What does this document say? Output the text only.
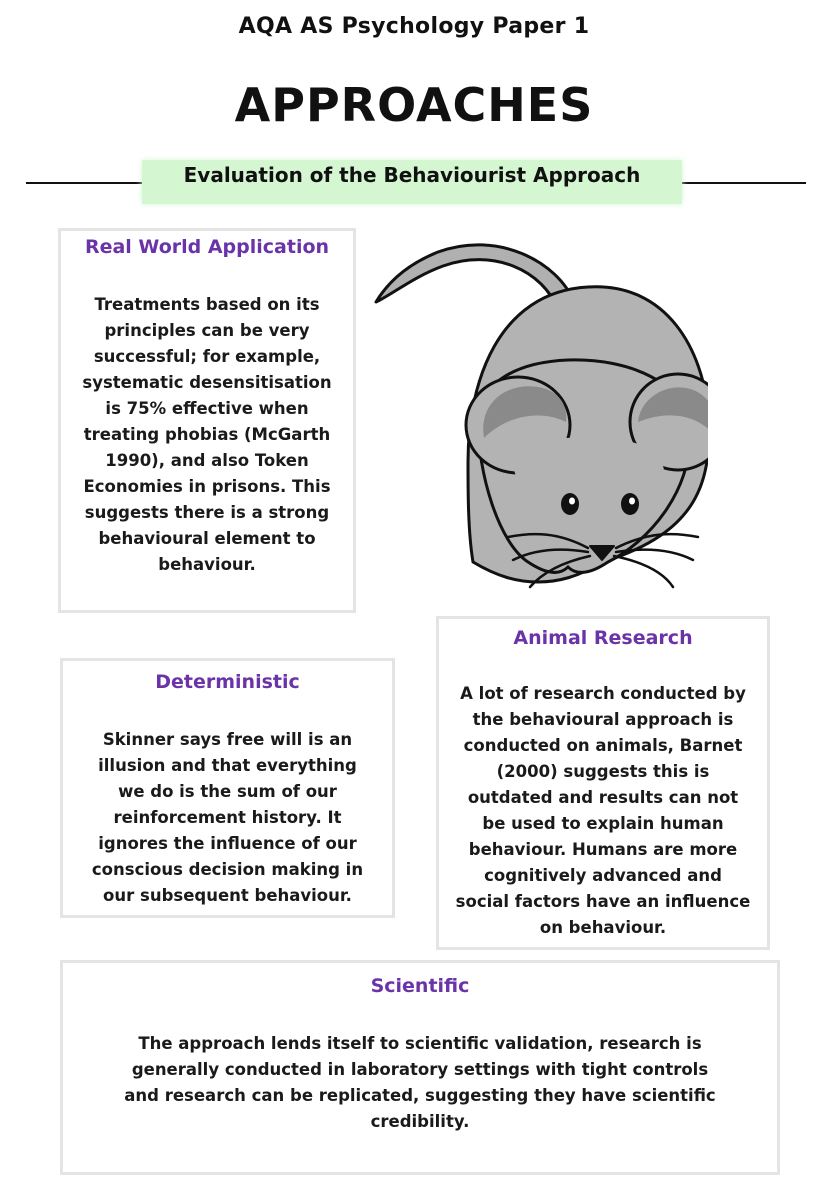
AQA AS Psychology Paper 1
APPROACHES
Evaluation of the Behaviourist Approach
Real World Application
Treatments based on its principles can be very successful; for example, systematic desensitisation is 75% effective when treating phobias (McGarth 1990), and also Token Economies in prisons. This suggests there is a strong behavioural element to behaviour.
Animal Research
A lot of research conducted by the behavioural approach is conducted on animals, Barnet (2000) suggests this is outdated and results can not be used to explain human behaviour. Humans are more cognitively advanced and social factors have an influence on behaviour.
Deterministic
Skinner says free will is an illusion and that everything we do is the sum of our reinforcement history. It ignores the influence of our conscious decision making in our subsequent behaviour.
Scientific
The approach lends itself to scientific validation, research is generally conducted in laboratory settings with tight controls and research can be replicated, suggesting they have scientific credibility.
